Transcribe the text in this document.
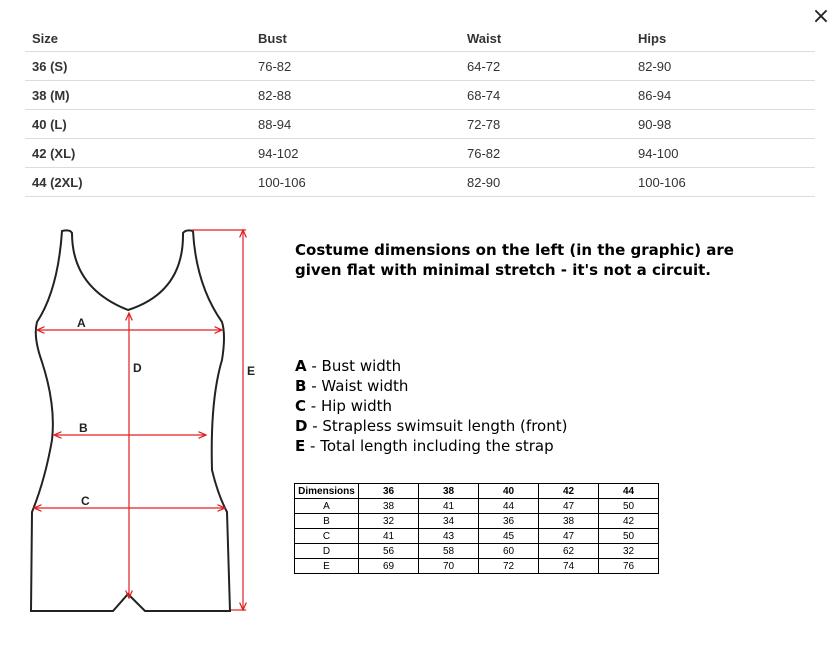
×
Size	Bust	Waist	Hips
36 (S)	76-82	64-72	82-90
38 (M)	82-88	68-74	86-94
40 (L)	88-94	72-78	90-98
42 (XL)	94-102	76-82	94-100
44 (2XL)	100-106	82-90	100-106
A
B
C
D	E
Costume dimensions on the left (in the graphic) are given flat with minimal stretch - it's not a circuit.
A - Bust width
B - Waist width
C - Hip width
D - Strapless swimsuit length (front)
E - Total length including the strap
Dimensions	36	38	40	42	44
A	38	41	44	47	50
B	32	34	36	38	42
C	41	43	45	47	50
D	56	58	60	62	32
E	69	70	72	74	76
